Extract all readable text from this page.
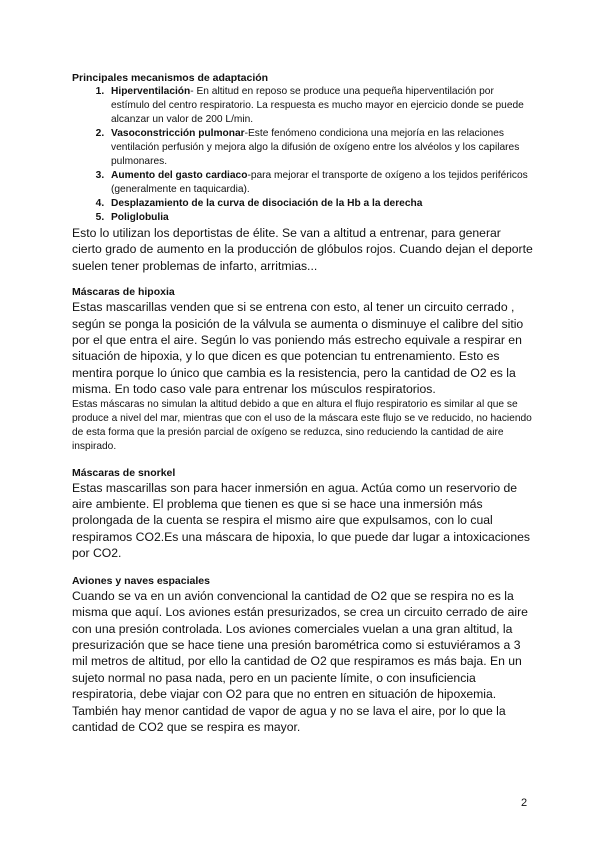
Principales mecanismos de adaptación
1. Hiperventilación- En altitud en reposo se produce una pequeña hiperventilación por estímulo del centro respiratorio. La respuesta es mucho mayor en ejercicio donde se puede alcanzar un valor de 200 L/min.
2. Vasoconstricción pulmonar-Este fenómeno condiciona una mejoría en las relaciones ventilación perfusión y mejora algo la difusión de oxígeno entre los alvéolos y los capilares pulmonares.
3. Aumento del gasto cardiaco-para mejorar el transporte de oxígeno a los tejidos periféricos (generalmente en taquicardia).
4. Desplazamiento de la curva de disociación de la Hb a la derecha
5. Poliglobulia

Esto lo utilizan los deportistas de élite. Se van a altitud a entrenar, para generar cierto grado de aumento en la producción de glóbulos rojos. Cuando dejan el deporte suelen tener problemas de infarto, arritmias...

Máscaras de hipoxia

Estas mascarillas venden que si se entrena con esto, al tener un circuito cerrado , según se ponga la posición de la válvula se aumenta o disminuye el calibre del sitio por el que entra el aire. Según lo vas poniendo más estrecho equivale a respirar en situación de hipoxia, y lo que dicen es que potencian tu entrenamiento. Esto es mentira porque lo único que cambia es la resistencia, pero la cantidad de O2 es la misma. En todo caso vale para entrenar los músculos respiratorios.

Estas máscaras no simulan la altitud debido a que en altura el flujo respiratorio es similar al que se produce a nivel del mar, mientras que con el uso de la máscara este flujo se ve reducido, no haciendo de esta forma que la presión parcial de oxígeno se reduzca, sino reduciendo la cantidad de aire inspirado.

Máscaras de snorkel

Estas mascarillas son para hacer inmersión en agua. Actúa como un reservorio de aire ambiente. El problema que tienen es que si se hace una inmersión más prolongada de la cuenta se respira el mismo aire que expulsamos, con lo cual respiramos CO2.Es una máscara de hipoxia, lo que puede dar lugar a intoxicaciones por CO2.

Aviones y naves espaciales

Cuando se va en un avión convencional la cantidad de O2 que se respira no es la misma que aquí. Los aviones están presurizados, se crea un circuito cerrado de aire con una presión controlada. Los aviones comerciales vuelan a una gran altitud, la presurización que se hace tiene una presión barométrica como si estuviéramos a 3 mil metros de altitud, por ello la cantidad de O2 que respiramos es más baja. En un sujeto normal no pasa nada, pero en un paciente límite, o con insuficiencia respiratoria, debe viajar con O2 para que no entren en situación de hipoxemia. También hay menor cantidad de vapor de agua y no se lava el aire, por lo que la cantidad de CO2 que se respira es mayor.

2
